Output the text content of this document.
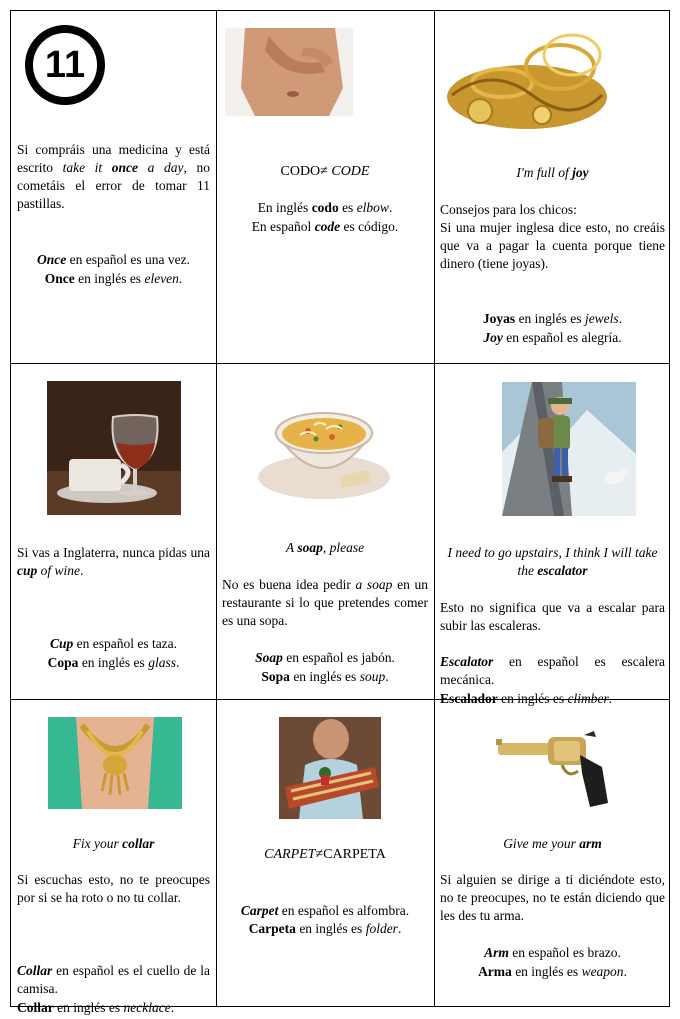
11
Si compráis una medicina y está escrito take it once a day, no cometáis el error de tomar 11 pastillas.
Once en español es una vez.
Once en inglés es eleven.
CODO≠ CODE
En inglés codo es elbow.
En español code es código.
I'm full of joy
Consejos para los chicos:
Si una mujer inglesa dice esto, no creáis que va a pagar la cuenta porque tiene dinero (tiene joyas).
Joyas en inglés es jewels.
Joy en español es alegría.
Si vas a Inglaterra, nunca pidas una cup of wine.
Cup en español es taza.
Copa en inglés es glass.
A soap, please
No es buena idea pedir a soap en un restaurante si lo que pretendes comer es una sopa.
Soap en español es jabón.
Sopa en inglés es soup.
I need to go upstairs, I think I will take the escalator
Esto no significa que va a escalar para subir las escaleras.
Escalator en español es escalera mecánica.
Escalador en inglés es climber.
Fix your collar
Si escuchas esto, no te preocupes por si se ha roto o no tu collar.
Collar en español es el cuello de la camisa.
Collar en inglés es necklace.
CARPET≠CARPETA
Carpet en español es alfombra.
Carpeta en inglés es folder.
Give me your arm
Si alguien se dirige a ti diciéndote esto, no te preocupes, no te están diciendo que les des tu arma.
Arm en español es brazo.
Arma en inglés es weapon.
